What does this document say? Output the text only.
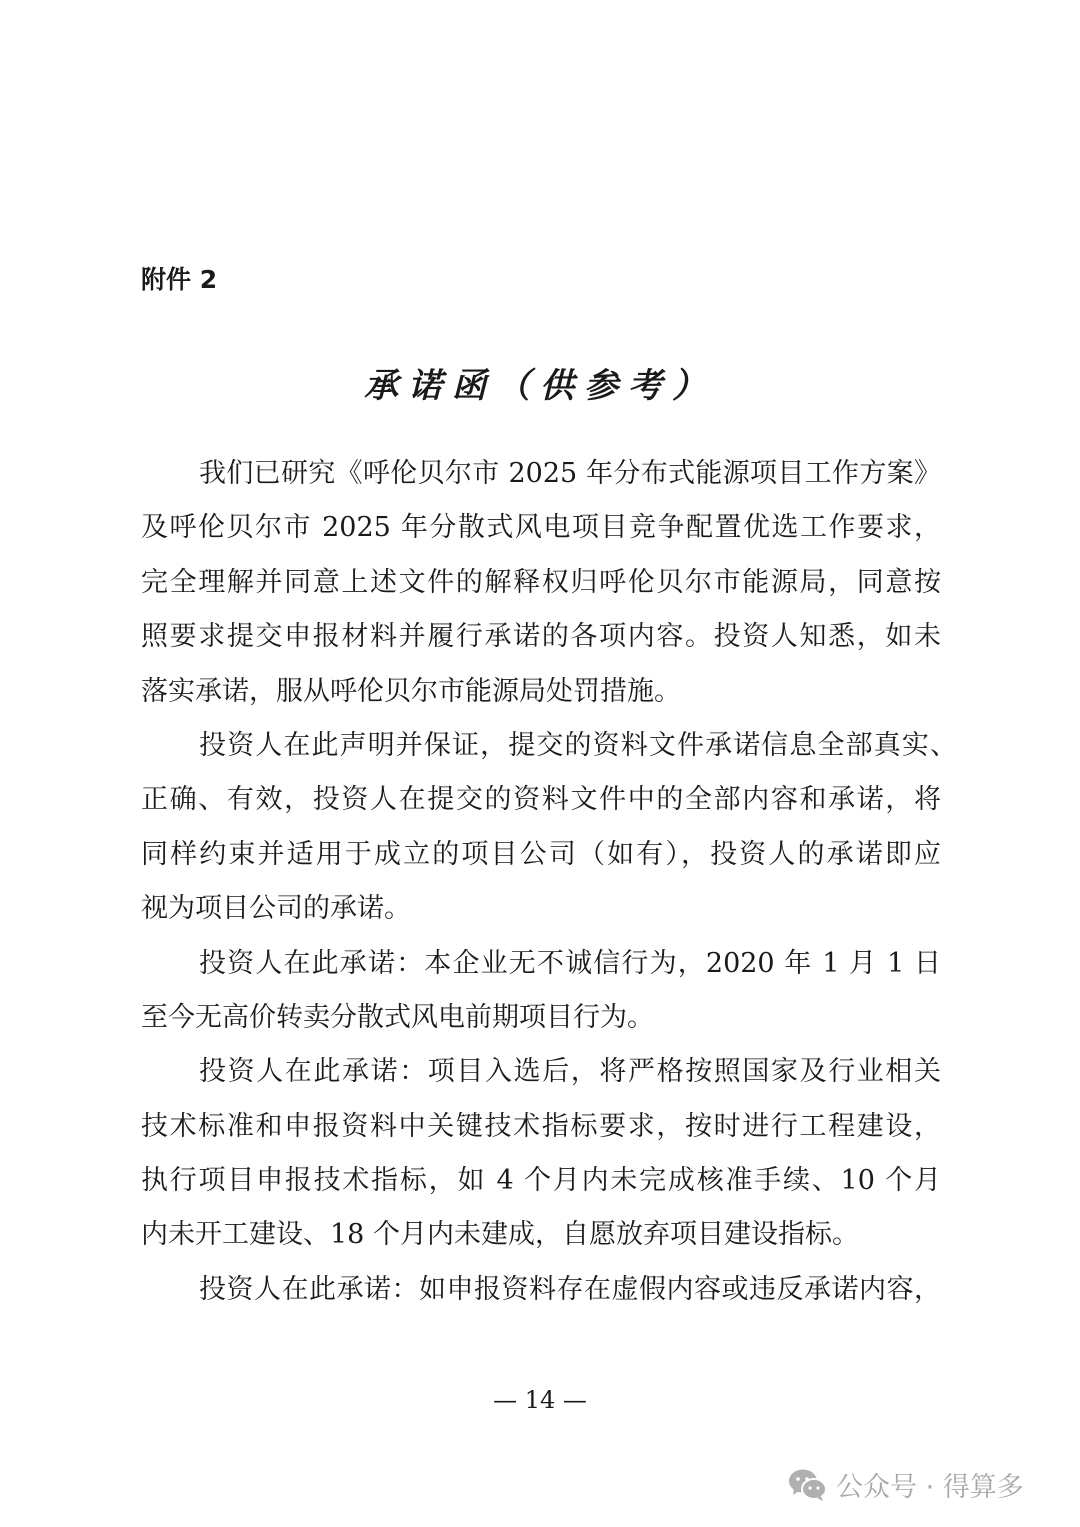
附件 2
承诺函（供参考）
我们已研究《呼伦贝尔市 2025 年分布式能源项目工作方案》
及呼伦贝尔市 2025 年分散式风电项目竞争配置优选工作要求，
完全理解并同意上述文件的解释权归呼伦贝尔市能源局，同意按
照要求提交申报材料并履行承诺的各项内容。投资人知悉，如未
落实承诺，服从呼伦贝尔市能源局处罚措施。
投资人在此声明并保证，提交的资料文件承诺信息全部真实、
正确、有效，投资人在提交的资料文件中的全部内容和承诺，将
同样约束并适用于成立的项目公司（如有），投资人的承诺即应
视为项目公司的承诺。
投资人在此承诺：本企业无不诚信行为，2020 年 1 月 1 日
至今无高价转卖分散式风电前期项目行为。
投资人在此承诺：项目入选后，将严格按照国家及行业相关
技术标准和申报资料中关键技术指标要求，按时进行工程建设，
执行项目申报技术指标，如 4 个月内未完成核准手续、10 个月
内未开工建设、18 个月内未建成，自愿放弃项目建设指标。
投资人在此承诺：如申报资料存在虚假内容或违反承诺内容，
— 14 —
公众号 · 得算多
